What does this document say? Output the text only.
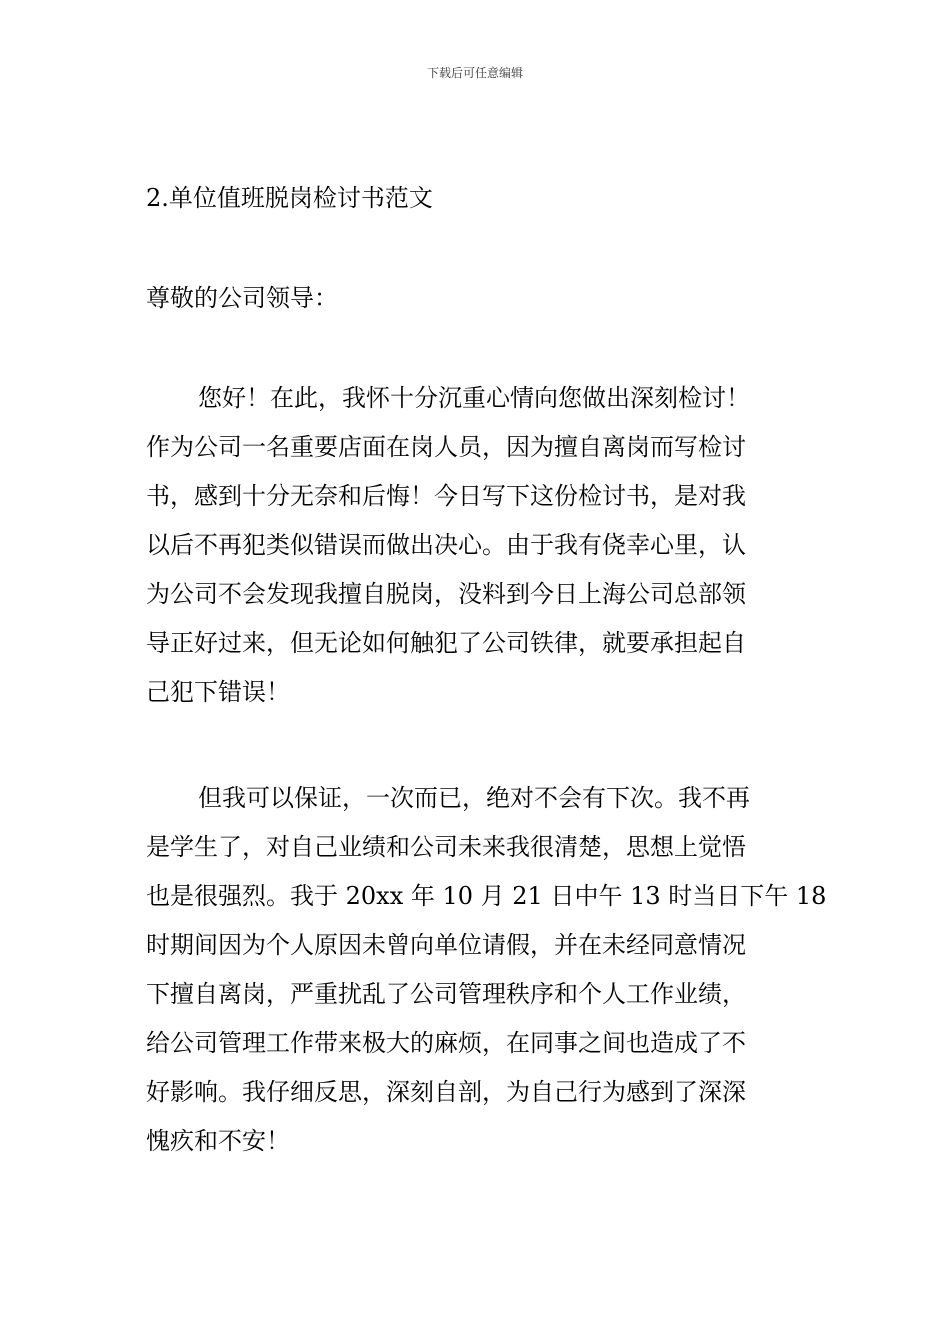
下载后可任意编辑
2.单位值班脱岗检讨书范文
尊敬的公司领导：
您好！在此，我怀十分沉重心情向您做出深刻检讨！
作为公司一名重要店面在岗人员，因为擅自离岗而写检讨
书，感到十分无奈和后悔！今日写下这份检讨书，是对我
以后不再犯类似错误而做出决心。由于我有侥幸心里，认
为公司不会发现我擅自脱岗，没料到今日上海公司总部领
导正好过来，但无论如何触犯了公司铁律，就要承担起自
己犯下错误！
但我可以保证，一次而已，绝对不会有下次。我不再
是学生了，对自己业绩和公司未来我很清楚，思想上觉悟
也是很强烈。我于 20xx 年 10 月 21 日中午 13 时当日下午 18
时期间因为个人原因未曾向单位请假，并在未经同意情况
下擅自离岗，严重扰乱了公司管理秩序和个人工作业绩，
给公司管理工作带来极大的麻烦，在同事之间也造成了不
好影响。我仔细反思，深刻自剖，为自己行为感到了深深
愧疚和不安！
